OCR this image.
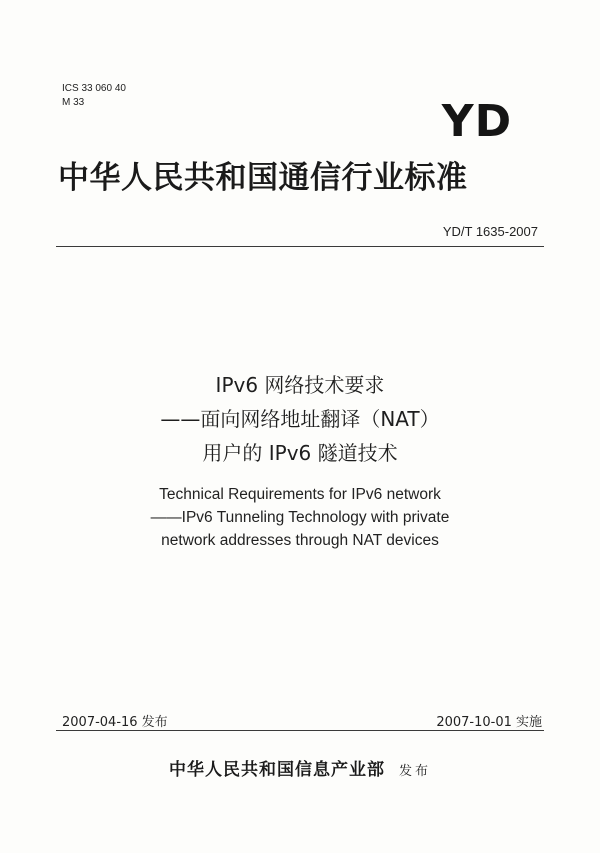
ICS 33 060 40
M 33	YD
中华人民共和国通信行业标准
YD/T 1635-2007
IPv6 网络技术要求
——面向网络地址翻译（NAT）
用户的 IPv6 隧道技术
Technical Requirements for IPv6 network
——IPv6 Tunneling Technology with private
network addresses through NAT devices
2007-04-16 发布	2007-10-01 实施
中华人民共和国信息产业部 发布
